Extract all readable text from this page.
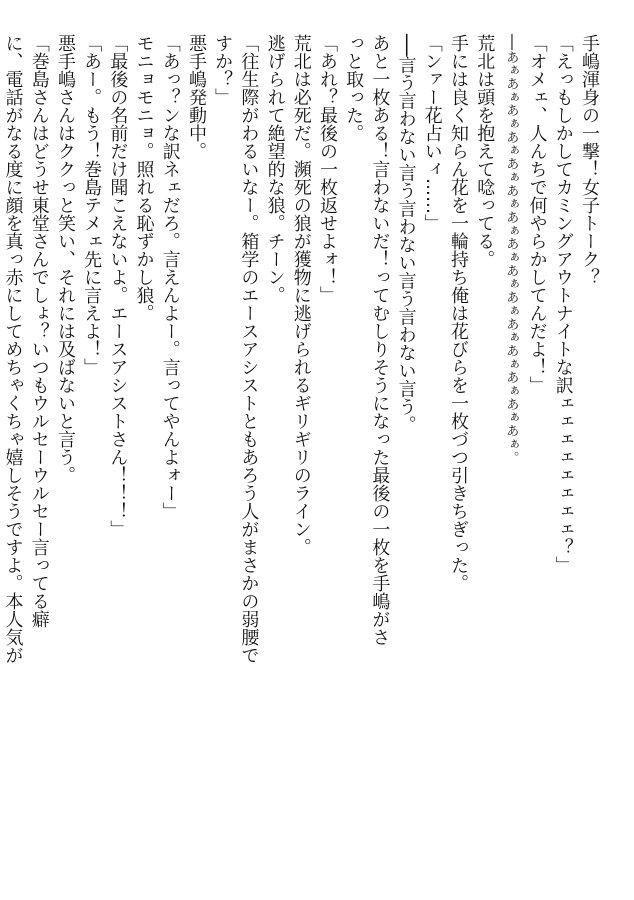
手嶋渾身の一撃！女子トーク？
「えっもしかしてカミングアウトナイトな訳ェェェェェェェェ？」
「オメェ、人んちで何やらかしてんだよ！」
──あぁあぁあぁあぁあぁあぁあぁあぁあぁあぁあぁあぁあぁあぁあぁ。
荒北は頭を抱えて唸ってる。
手には良く知らん花を一輪持ち俺は花びらを一枚づつ引きちぎった。
「ンァー花占いィ……」
──言う言わない言う言わない言う言わない言う。
あと一枚ある！言わないだ！ってむしりそうになった最後の一枚を手嶋がさ
っと取った。
「あれ？最後の一枚返せよォ！」
荒北は必死だ。瀕死の狼が獲物に逃げられるギリギリのライン。
逃げられて絶望的な狼。チーン。
「往生際がわるいなー。箱学のエースアシストともあろう人がまさかの弱腰で
すか？」
悪手嶋発動中。
「あっ？ンな訳ネェだろ。言えんよー。言ってやんよォー」
モニョモニョ。照れる恥ずかし狼。
「最後の名前だけ聞こえないよ。エースアシストさん！！！」
「あー。もう！巻島テメェ先に言えよ！」
悪手嶋さんはククっと笑い、それには及ばないと言う。
「巻島さんはどうせ東堂さんでしょ？いつもウルセーウルセー言ってる癖
に、電話がなる度に顔を真っ赤にしてめちゃくちゃ嬉しそうですよ。本人気が
